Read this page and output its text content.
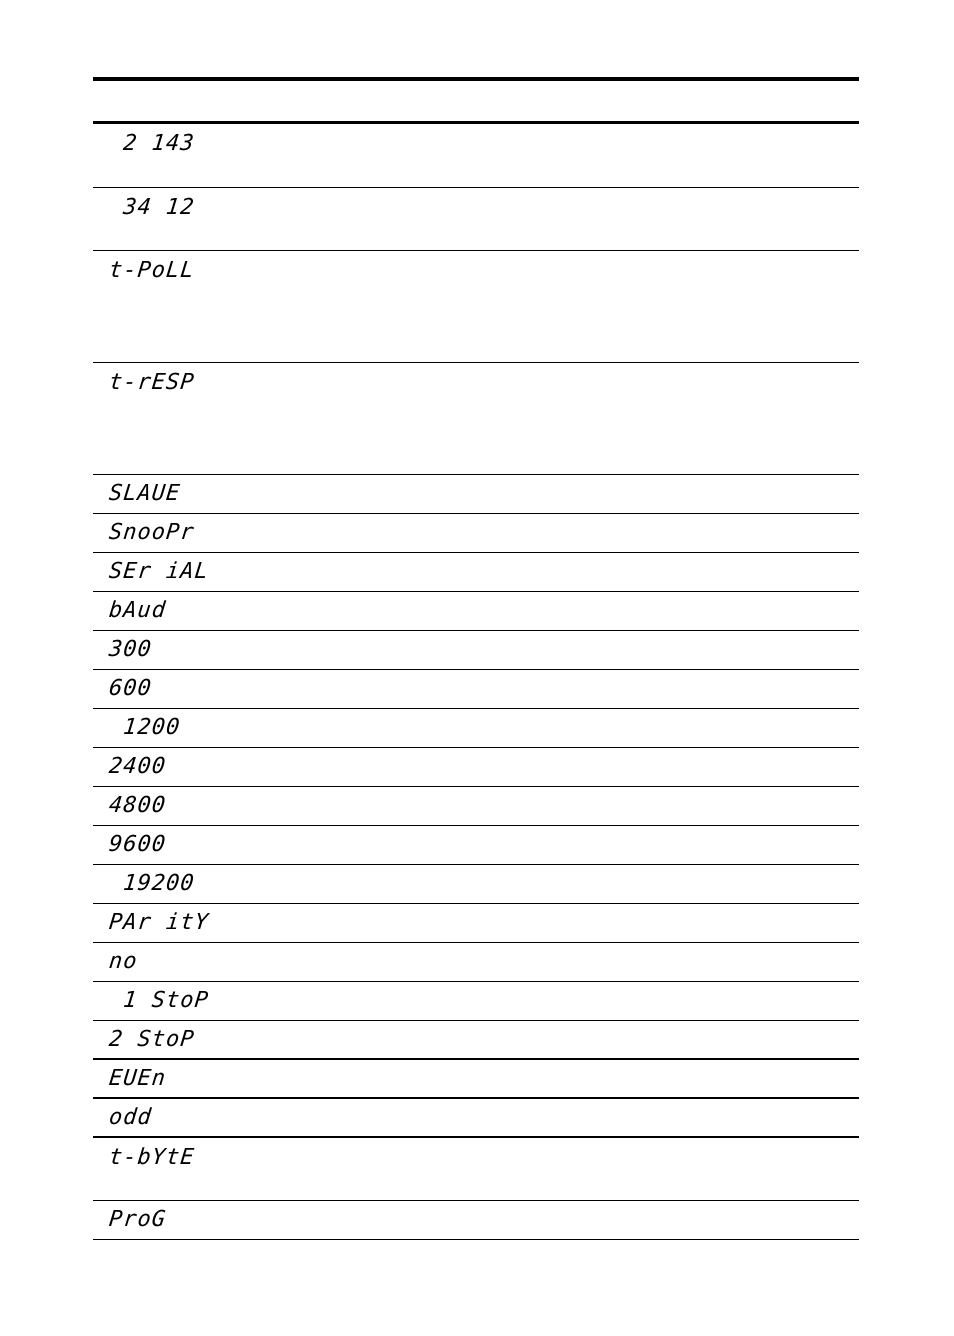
2 143
34 12
t-PoLL
t-rESP
SLAUE
SnooPr
SEr iAL
bAud
300
600
1200
2400
4800
9600
19200
PAr itY
no
1 StoP
2 StoP
EUEn
odd
t-bYtE
ProG
